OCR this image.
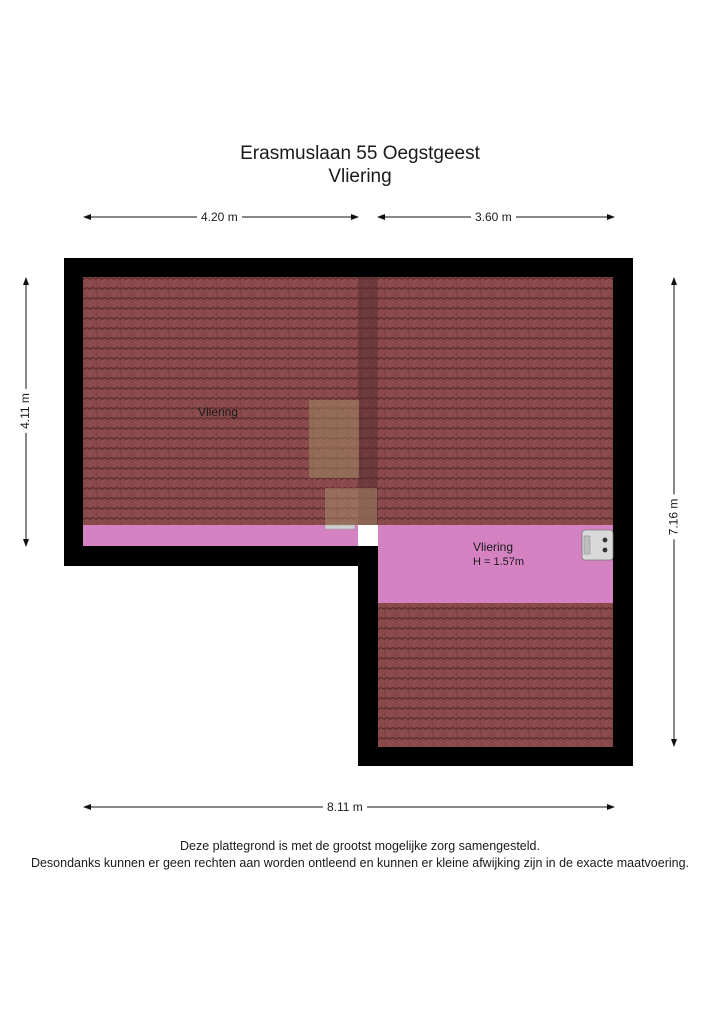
Erasmuslaan 55 Oegstgeest
Vliering
4.20 m	3.60 m
8.11 m
4.11 m
7.16 m
Vliering
Vliering
H = 1.57m
Deze plattegrond is met de grootst mogelijke zorg samengesteld.
Desondanks kunnen er geen rechten aan worden ontleend en kunnen er kleine afwijking zijn in de exacte maatvoering.
